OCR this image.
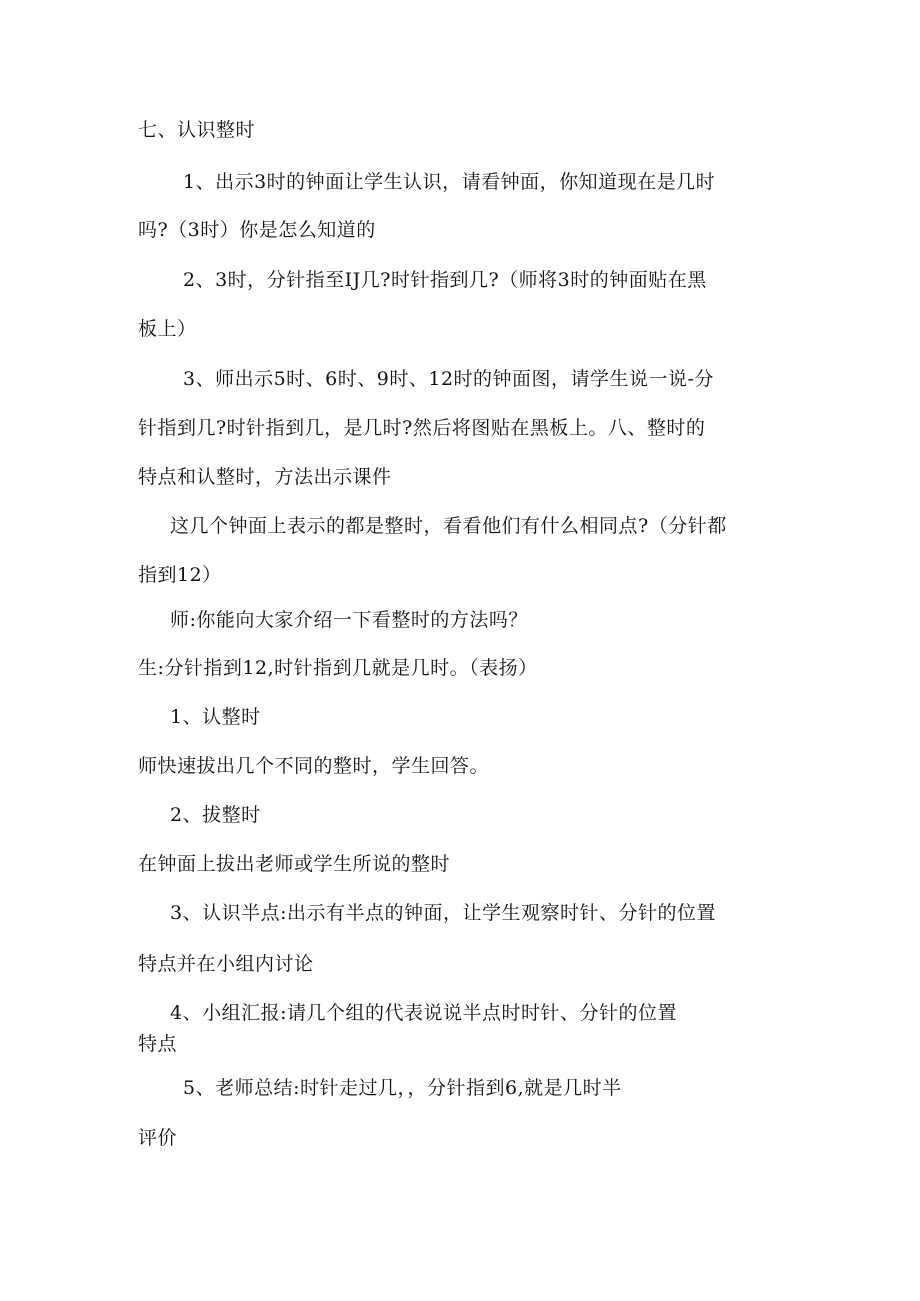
七、认识整时
1、出示3时的钟面让学生认识，请看钟面，你知道现在是几时
吗?（3时）你是怎么知道的
2、3时，分针指至IJ几?时针指到几?（师将3时的钟面贴在黑
板上）
3、师出示5时、6时、9时、12时的钟面图，请学生说一说-分
针指到几?时针指到几，是几时?然后将图贴在黑板上。八、整时的
特点和认整时，方法出示课件
这几个钟面上表示的都是整时，看看他们有什么相同点?（分针都
指到12）
师:你能向大家介绍一下看整时的方法吗？
生:分针指到12,时针指到几就是几时。（表扬）
1、认整时
师快速拔出几个不同的整时，学生回答。
2、拔整时
在钟面上拔出老师或学生所说的整时
3、认识半点:出示有半点的钟面，让学生观察时针、分针的位置
特点并在小组内讨论
4、小组汇报:请几个组的代表说说半点时时针、分针的位置
特点
5、老师总结:时针走过几，，分针指到6,就是几时半
评价
